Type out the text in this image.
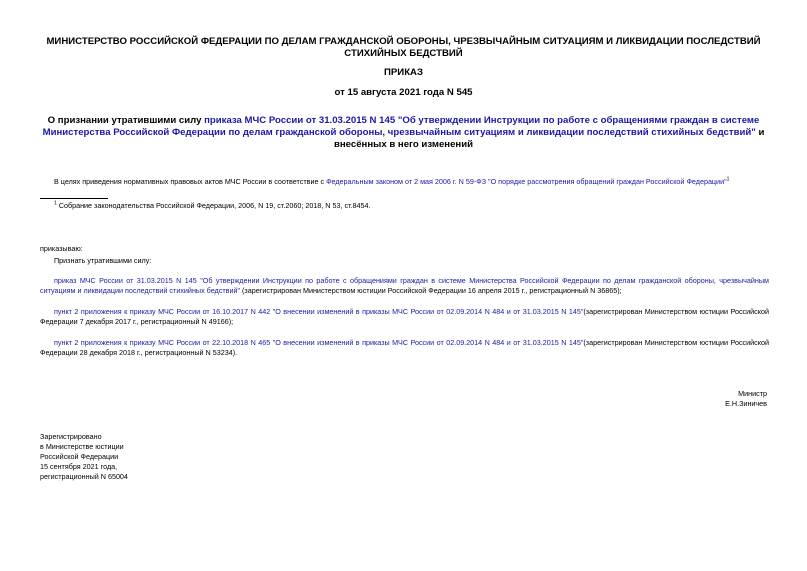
МИНИСТЕРСТВО РОССИЙСКОЙ ФЕДЕРАЦИИ ПО ДЕЛАМ ГРАЖДАНСКОЙ ОБОРОНЫ, ЧРЕЗВЫЧАЙНЫМ СИТУАЦИЯМ И ЛИКВИДАЦИИ ПОСЛЕДСТВИЙ СТИХИЙНЫХ БЕДСТВИЙ
ПРИКАЗ
от 15 августа 2021 года N 545
О признании утратившими силу приказа МЧС России от 31.03.2015 N 145 "Об утверждении Инструкции по работе с обращениями граждан в системе Министерства Российской Федерации по делам гражданской обороны, чрезвычайным ситуациям и ликвидации последствий стихийных бедствий" и внесённых в него изменений
В целях приведения нормативных правовых актов МЧС России в соответствие с Федеральным законом от 2 мая 2006 г. N 59-ФЗ "О порядке рассмотрения обращений граждан Российской Федерации"$^1$
$^1$ Собрание законодательства Российской Федерации, 2006, N 19, ст.2060; 2018, N 53, ст.8454.
приказываю:
Признать утратившими силу:
приказ МЧС России от 31.03.2015 N 145 "Об утверждении Инструкции по работе с обращениями граждан в системе Министерства Российской Федерации по делам гражданской обороны, чрезвычайным ситуациям и ликвидации последствий стихийных бедствий" (зарегистрирован Министерством юстиции Российской Федерации 16 апреля 2015 г., регистрационный N 36865);
пункт 2 приложения к приказу МЧС России от 16.10.2017 N 442 "О внесении изменений в приказы МЧС России от 02.09.2014 N 484 и от 31.03.2015 N 145"(зарегистрирован Министерством юстиции Российской Федерации 7 декабря 2017 г., регистрационный N 49166);
пункт 2 приложения к приказу МЧС России от 22.10.2018 N 465 "О внесении изменений в приказы МЧС России от 02.09.2014 N 484 и от 31.03.2015 N 145"(зарегистрирован Министерством юстиции Российской Федерации 28 декабря 2018 г., регистрационный N 53234).
Министр
Е.Н.Зиничев
Зарегистрировано
в Министерстве юстиции
Российской Федерации
15 сентября 2021 года,
регистрационный N 65004
